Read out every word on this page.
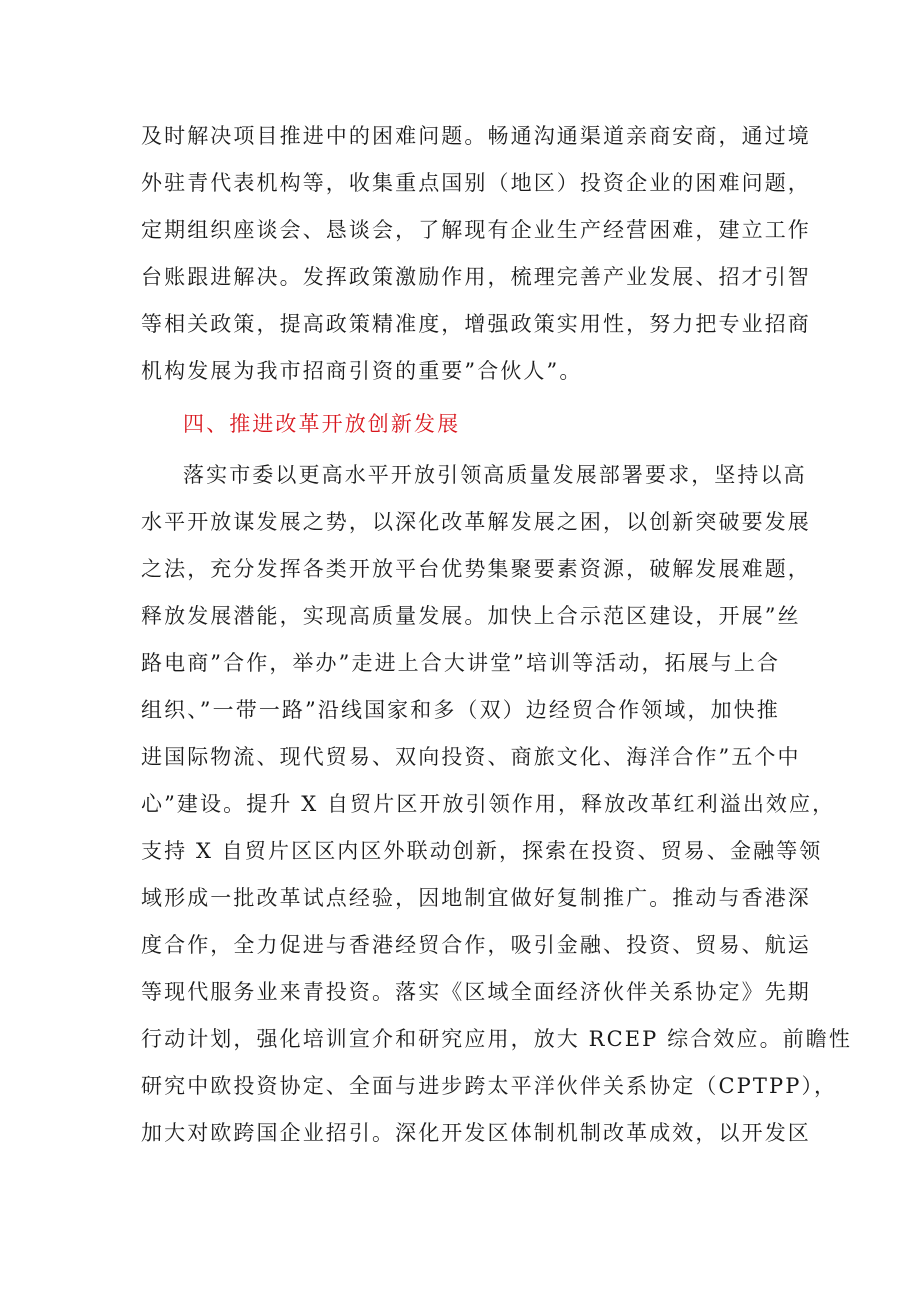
及时解决项目推进中的困难问题。畅通沟通渠道亲商安商，通过境
外驻青代表机构等，收集重点国别（地区）投资企业的困难问题，
定期组织座谈会、恳谈会，了解现有企业生产经营困难，建立工作
台账跟进解决。发挥政策激励作用，梳理完善产业发展、招才引智
等相关政策，提高政策精准度，增强政策实用性，努力把专业招商
机构发展为我市招商引资的重要”合伙人”。
四、推进改革开放创新发展
落实市委以更高水平开放引领高质量发展部署要求，坚持以高
水平开放谋发展之势，以深化改革解发展之困，以创新突破要发展
之法，充分发挥各类开放平台优势集聚要素资源，破解发展难题，
释放发展潜能，实现高质量发展。加快上合示范区建设，开展”丝
路电商”合作，举办”走进上合大讲堂”培训等活动，拓展与上合
组织、”一带一路”沿线国家和多（双）边经贸合作领域，加快推
进国际物流、现代贸易、双向投资、商旅文化、海洋合作”五个中
心”建设。提升 X 自贸片区开放引领作用，释放改革红利溢出效应，
支持 X 自贸片区区内区外联动创新，探索在投资、贸易、金融等领
域形成一批改革试点经验，因地制宜做好复制推广。推动与香港深
度合作，全力促进与香港经贸合作，吸引金融、投资、贸易、航运
等现代服务业来青投资。落实《区域全面经济伙伴关系协定》先期
行动计划，强化培训宣介和研究应用，放大 RCEP 综合效应。前瞻性
研究中欧投资协定、全面与进步跨太平洋伙伴关系协定（CPTPP），
加大对欧跨国企业招引。深化开发区体制机制改革成效，以开发区
